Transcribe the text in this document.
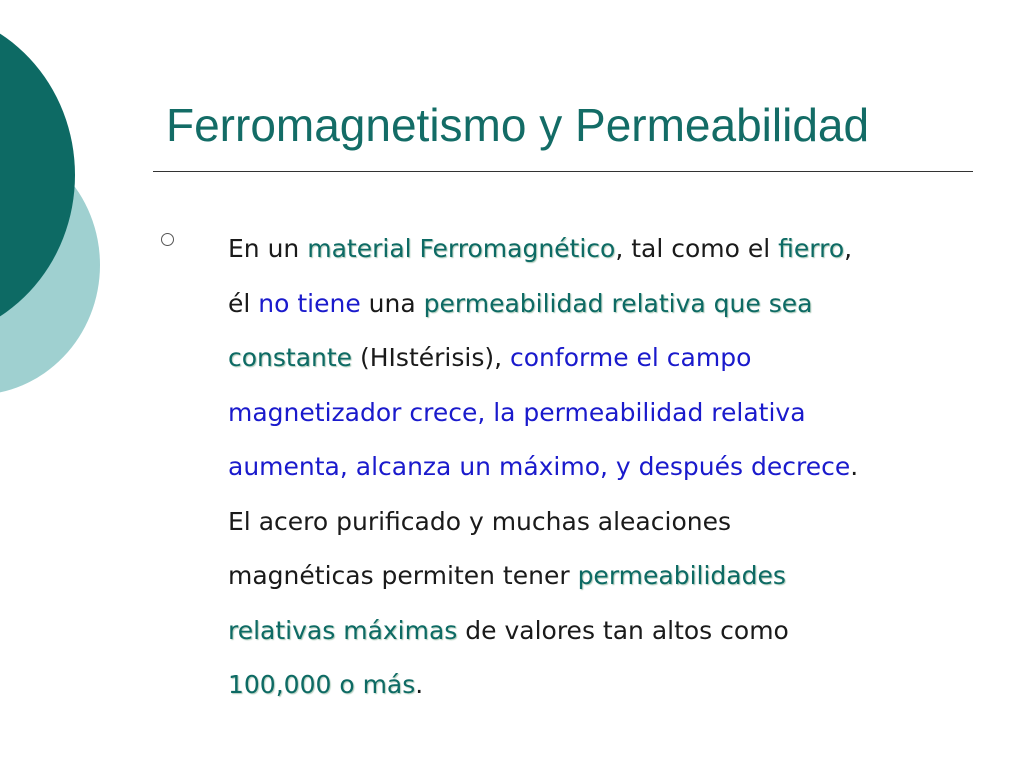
Ferromagnetismo y Permeabilidad
En un material Ferromagnético, tal como el fierro,
él no tiene una permeabilidad relativa que sea
constante (HIstérisis), conforme el campo
magnetizador crece, la permeabilidad relativa
aumenta, alcanza un máximo, y después decrece.
El acero purificado y muchas aleaciones
magnéticas permiten tener permeabilidades
relativas máximas de valores tan altos como
100,000 o más.
